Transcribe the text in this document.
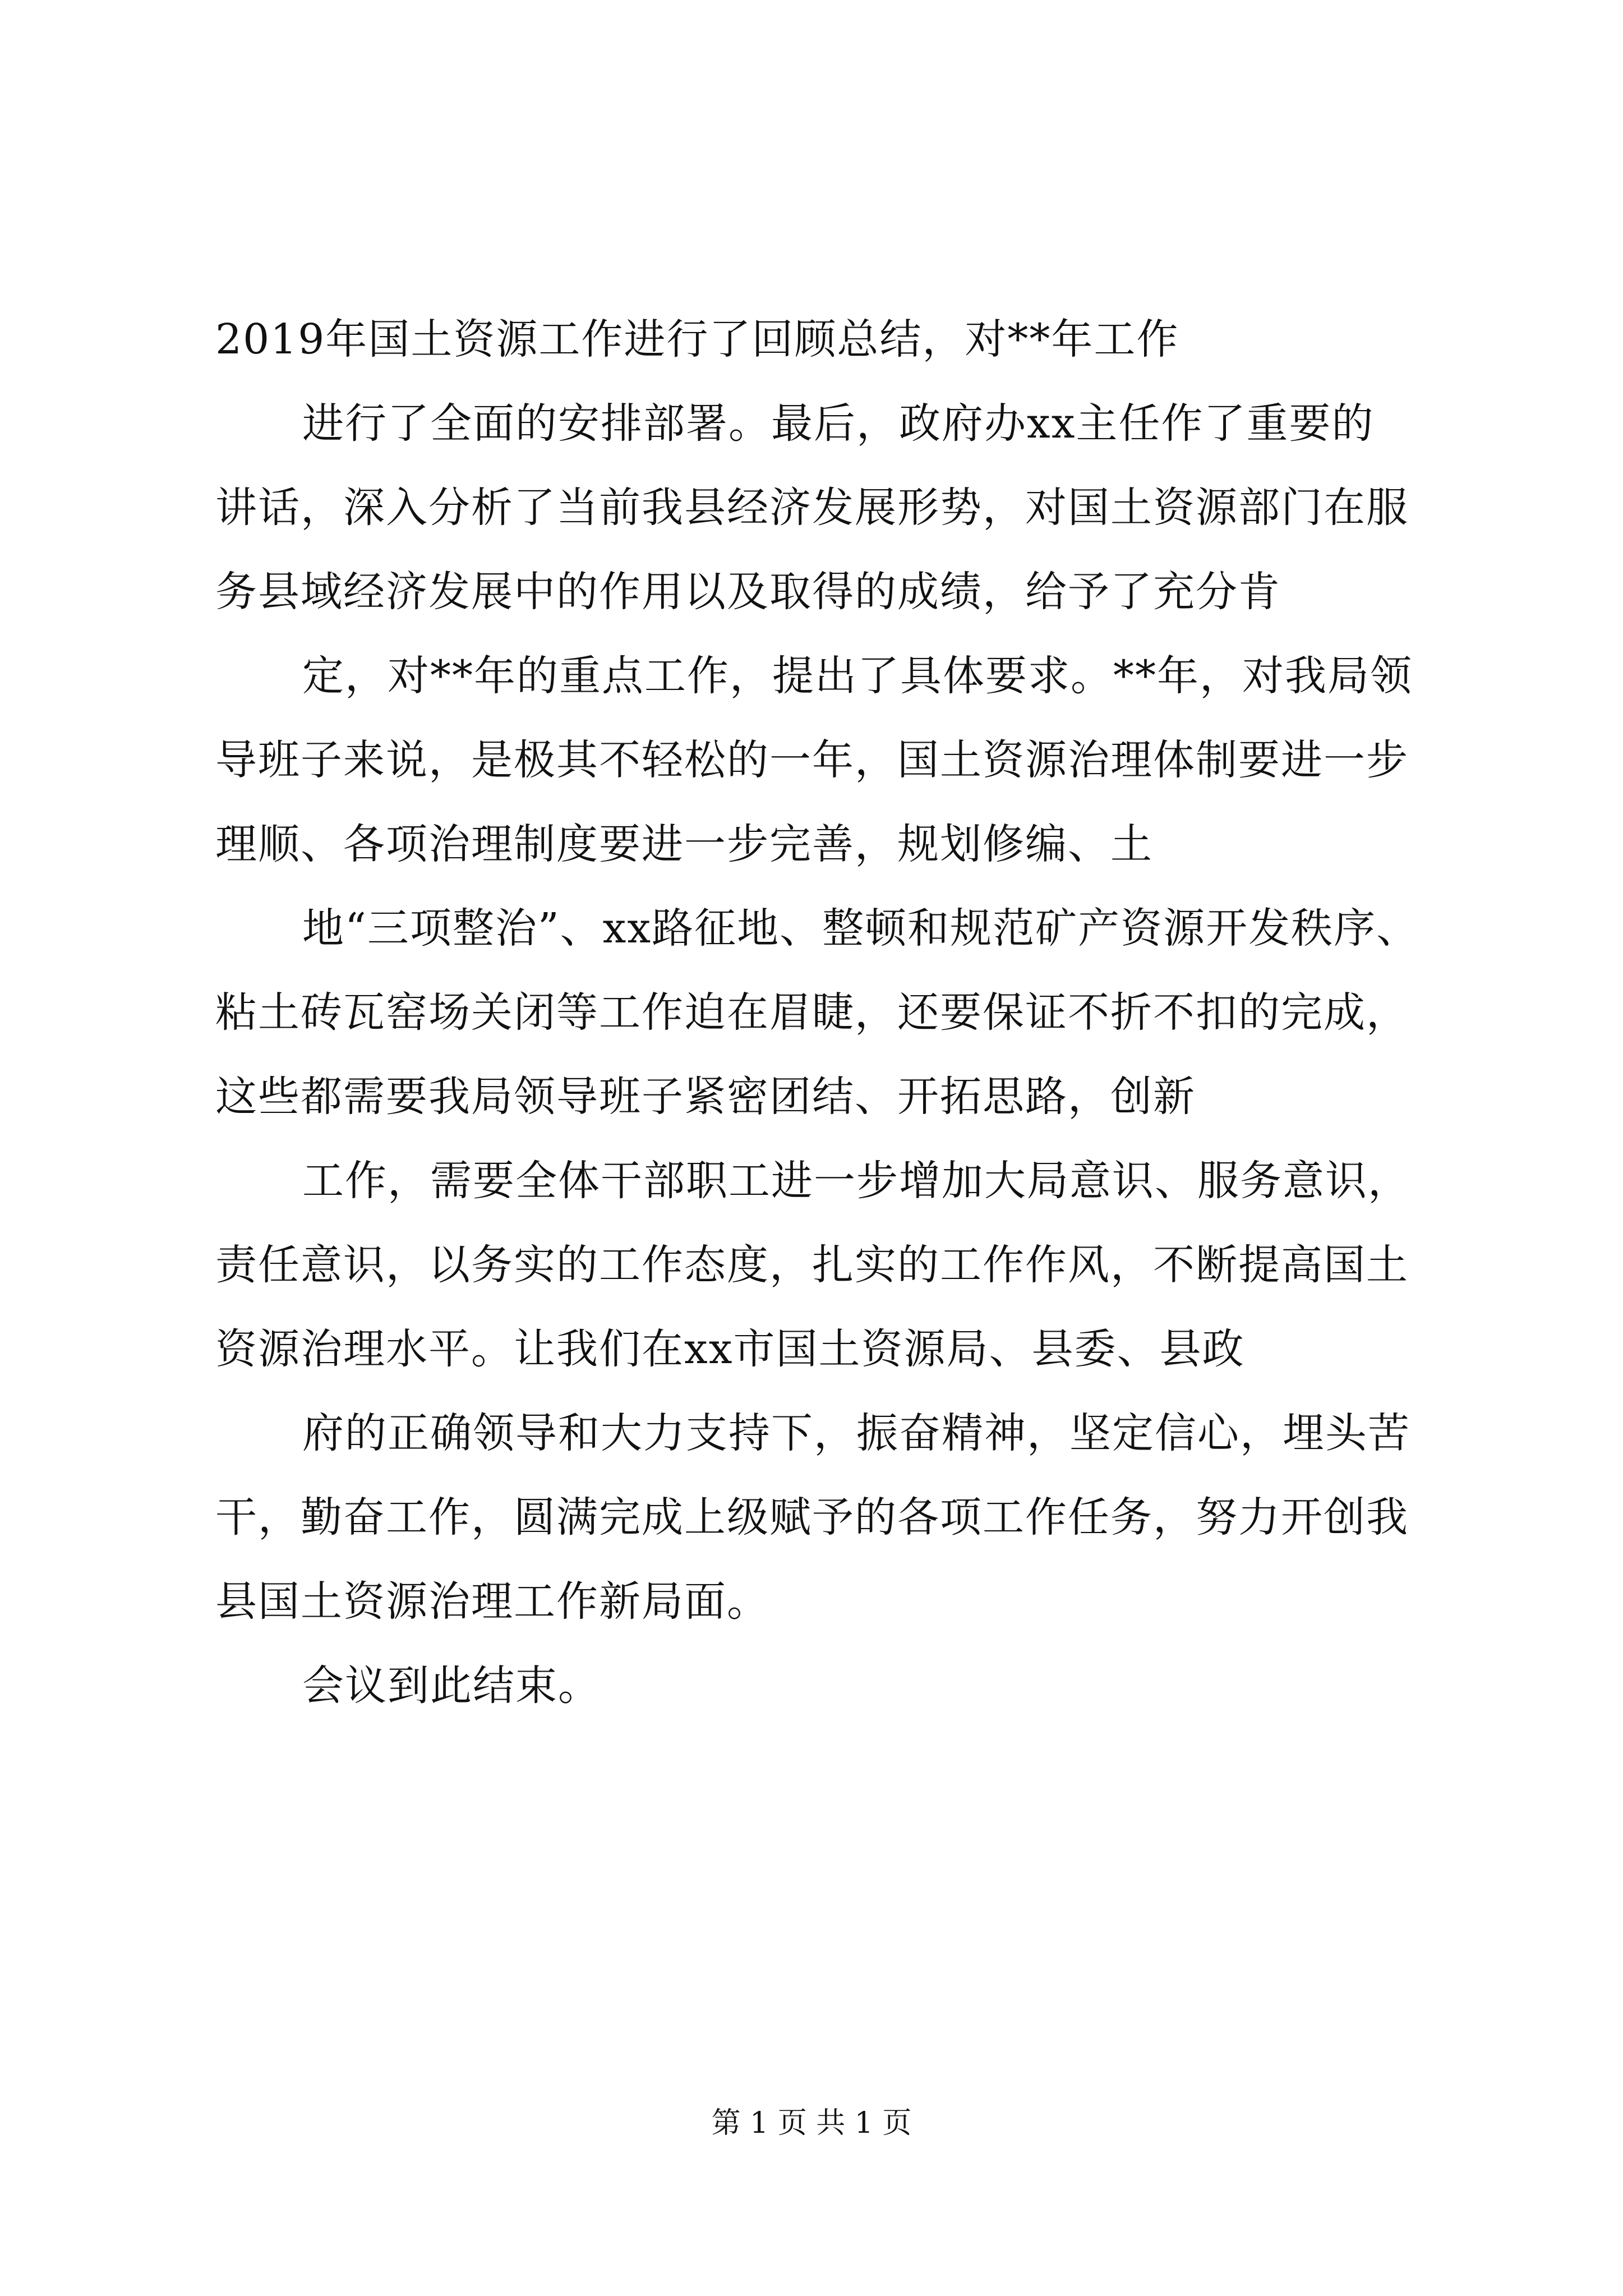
2019年国土资源工作进行了回顾总结，对**年工作
进行了全面的安排部署。最后，政府办xx主任作了重要的
讲话，深入分析了当前我县经济发展形势，对国土资源部门在服
务县域经济发展中的作用以及取得的成绩，给予了充分肯
定，对**年的重点工作，提出了具体要求。**年，对我局领
导班子来说，是极其不轻松的一年，国土资源治理体制要进一步
理顺、各项治理制度要进一步完善，规划修编、土
地“三项整治”、xx路征地、整顿和规范矿产资源开发秩序、
粘土砖瓦窑场关闭等工作迫在眉睫，还要保证不折不扣的完成，
这些都需要我局领导班子紧密团结、开拓思路，创新
工作，需要全体干部职工进一步增加大局意识、服务意识，
责任意识，以务实的工作态度，扎实的工作作风，不断提高国土
资源治理水平。让我们在xx市国土资源局、县委、县政
府的正确领导和大力支持下，振奋精神，坚定信心，埋头苦
干，勤奋工作，圆满完成上级赋予的各项工作任务，努力开创我
县国土资源治理工作新局面。
会议到此结束。
第 1 页 共 1 页
